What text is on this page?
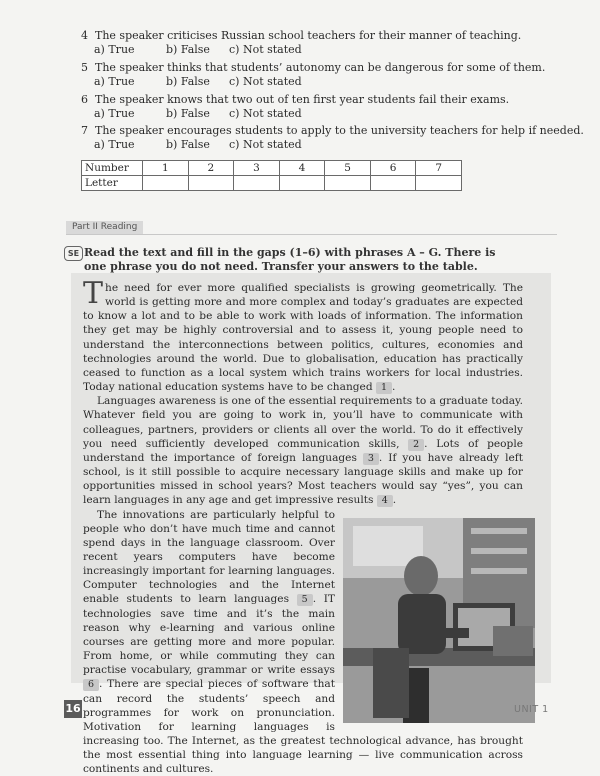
4 The speaker criticises Russian school teachers for their manner of teaching.
a) True	b) False c) Not stated
5 The speaker thinks that students’ autonomy can be dangerous for some of them.
a) True	b) False c) Not stated
6 The speaker knows that two out of ten first year students fail their exams.
a) True	b) False c) Not stated
7 The speaker encourages students to apply to the university teachers for help if needed.
a) True	b) False c) Not stated
Number	1	2	3	4	5	6	7
Letter							
Part II Reading
SE Read the text and fill in the gaps (1–6) with phrases A – G. There is one phrase you do not need. Transfer your answers to the table.

The need for ever more qualified specialists is growing geometrically. The world is getting more and more complex and today’s graduates are expected to know a lot and to be able to work with loads of information. The information they get may be highly controversial and to assess it, young people need to understand the interconnections between politics, cultures, economies and technologies around the world. Due to globalisation, education has practically ceased to function as a local system which trains workers for local industries. Today national education systems have to be changed 1 .

Languages awareness is one of the essential requirements to a graduate today. Whatever field you are going to work in, you’ll have to communicate with colleagues, partners, providers or clients all over the world. To do it effectively you need sufficiently developed communication skills, 2 . Lots of people understand the importance of foreign languages 3 . If you have already left school, is it still possible to acquire necessary language skills and make up for opportunities missed in school years? Most teachers would say “yes”, you can learn languages in any age and get impressive results 4 .

The innovations are particularly helpful to people who don’t have much time and cannot spend days in the language classroom. Over recent years computers have become increasingly important for learning languages. Computer technologies and the Internet enable students to learn languages 5 . IT technologies save time and it’s the main reason why e-learning and various online courses are getting more and more popular. From home, or while commuting they can practise vocabulary, grammar or write essays 6 . There are special pieces of software that can record the students’ speech and programmes for work on pronunciation. Motivation for learning languages is increasing too. The Internet, as the greatest technological advance, has brought the most essential thing into language learning — live communication across continents and cultures.

16	UNIT 1
